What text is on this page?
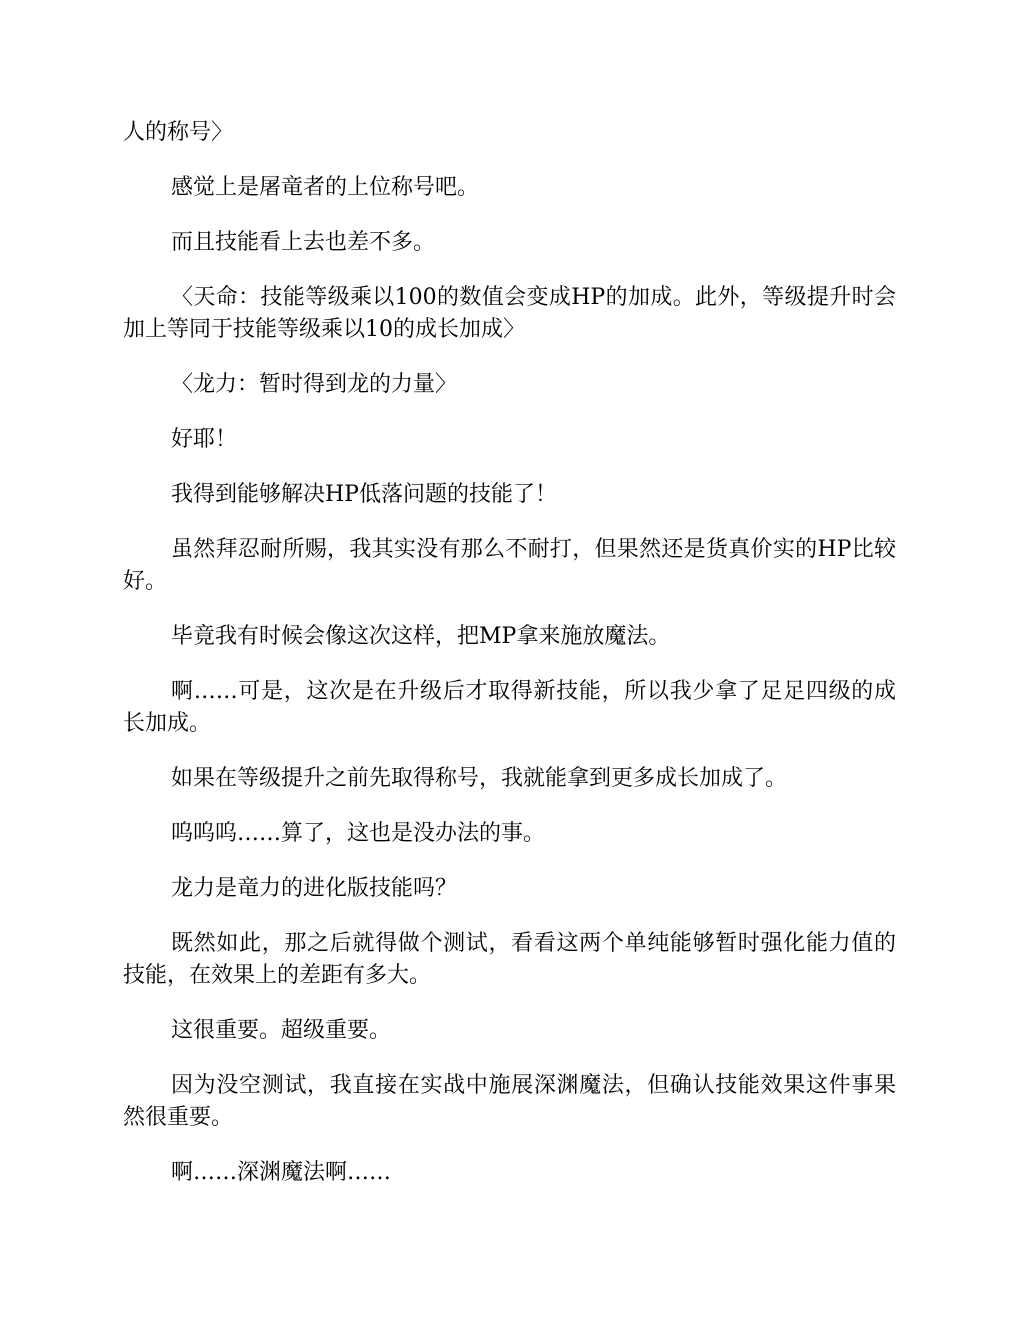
人的称号〉

感觉上是屠竜者的上位称号吧。

而且技能看上去也差不多。

〈天命：技能等级乘以100的数值会变成HP的加成。此外，等级提升时会加上等同于技能等级乘以10的成长加成〉

〈龙力：暂时得到龙的力量〉

好耶！

我得到能够解决HP低落问题的技能了！

虽然拜忍耐所赐，我其实没有那么不耐打，但果然还是货真价实的HP比较好。

毕竟我有时候会像这次这样，把MP拿来施放魔法。

啊……可是，这次是在升级后才取得新技能，所以我少拿了足足四级的成长加成。

如果在等级提升之前先取得称号，我就能拿到更多成长加成了。

呜呜呜……算了，这也是没办法的事。

龙力是竜力的进化版技能吗？

既然如此，那之后就得做个测试，看看这两个单纯能够暂时强化能力值的技能，在效果上的差距有多大。

这很重要。超级重要。

因为没空测试，我直接在实战中施展深渊魔法，但确认技能效果这件事果然很重要。

啊……深渊魔法啊……
